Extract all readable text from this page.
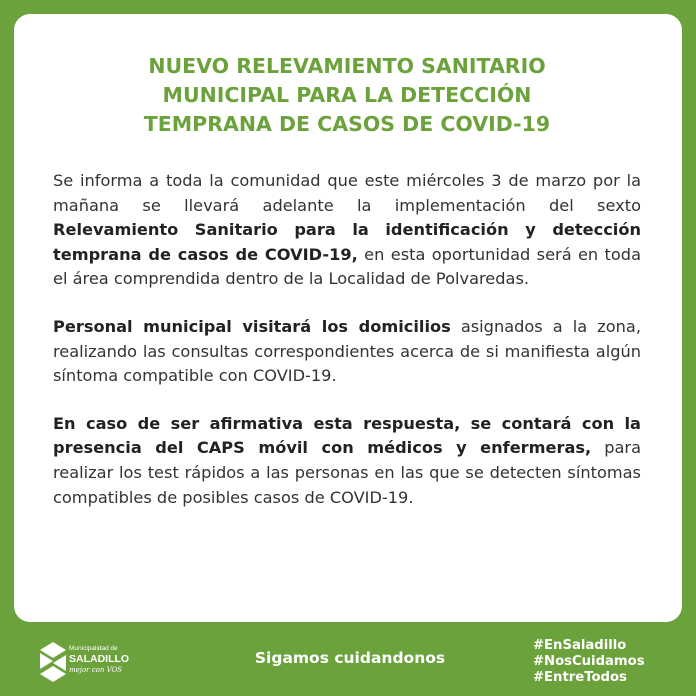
NUEVO RELEVAMIENTO SANITARIO
MUNICIPAL PARA LA DETECCIÓN
TEMPRANA DE CASOS DE COVID-19

Se informa a toda la comunidad que este miércoles 3 de marzo por la mañana se llevará adelante la implementación del sexto Relevamiento Sanitario para la identificación y detección temprana de casos de COVID-19, en esta oportunidad será en toda el área comprendida dentro de la Localidad de Polvaredas.

Personal municipal visitará los domicilios asignados a la zona, realizando las consultas correspondientes acerca de si manifiesta algún síntoma compatible con COVID-19.

En caso de ser afirmativa esta respuesta, se contará con la presencia del CAPS móvil con médicos y enfermeras, para realizar los test rápidos a las personas en las que se detecten síntomas compatibles de posibles casos de COVID-19.

Municipalidad de
SALADILLO
mejor con VOS
Sigamos cuidandonos
#EnSaladillo
#NosCuidamos
#EntreTodos
